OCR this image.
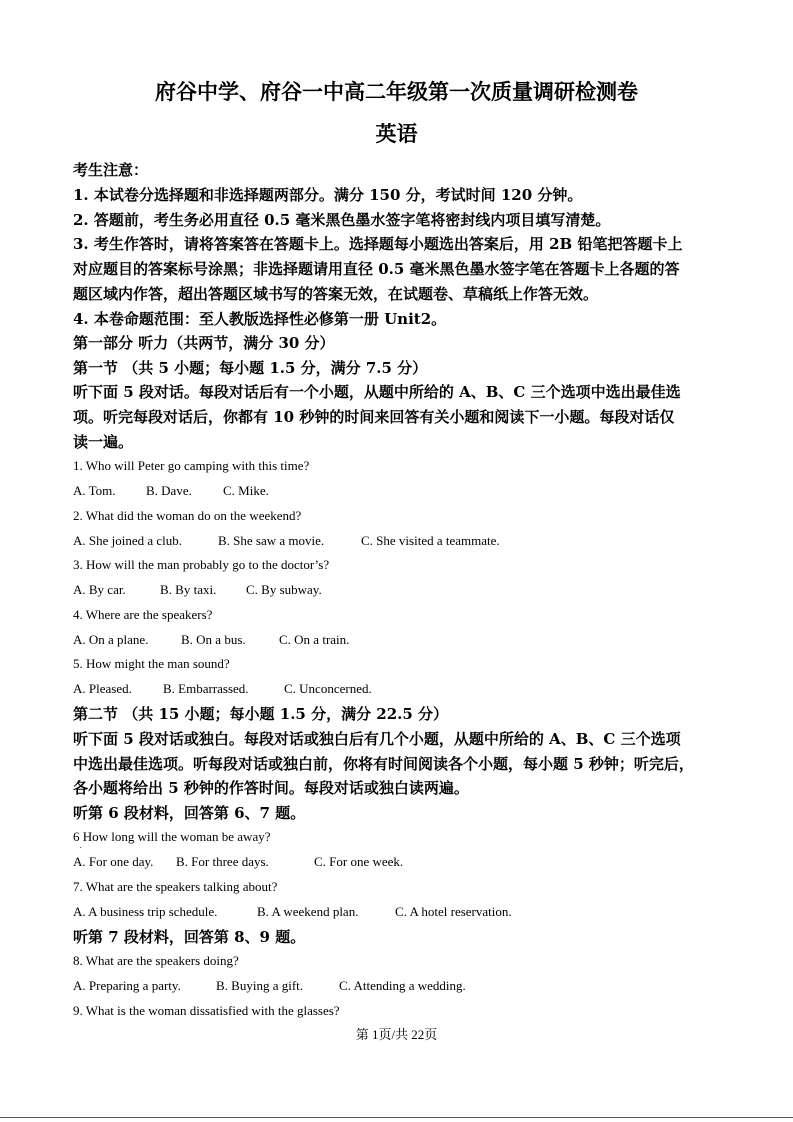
府谷中学、府谷一中高二年级第一次质量调研检测卷
英语
考生注意：
1. 本试卷分选择题和非选择题两部分。满分 150 分，考试时间 120 分钟。
2. 答题前，考生务必用直径 0.5 毫米黑色墨水签字笔将密封线内项目填写清楚。
3. 考生作答时，请将答案答在答题卡上。选择题每小题选出答案后，用 2B 铅笔把答题卡上
对应题目的答案标号涂黑；非选择题请用直径 0.5 毫米黑色墨水签字笔在答题卡上各题的答
题区域内作答，超出答题区域书写的答案无效，在试题卷、草稿纸上作答无效。
4. 本卷命题范围：至人教版选择性必修第一册 Unit2。
第一部分 听力（共两节，满分 30 分）
第一节 （共 5 小题；每小题 1.5 分，满分 7.5 分）
听下面 5 段对话。每段对话后有一个小题，从题中所给的 A、B、C 三个选项中选出最佳选
项。听完每段对话后，你都有 10 秒钟的时间来回答有关小题和阅读下一小题。每段对话仅
读一遍。
1. Who will Peter go camping with this time?
A. Tom. B. Dave. C. Mike.
2. What did the woman do on the weekend?
A. She joined a club.	B. She saw a movie.	C. She visited a teammate.
3. How will the man probably go to the doctor’s?
A. By car.	B. By taxi. C. By subway.
4. Where are the speakers?
A. On a plane.	B. On a bus.	C. On a train.
5. How might the man sound?
A. Pleased. B. Embarrassed.	C. Unconcerned.
第二节 （共 15 小题；每小题 1.5 分，满分 22.5 分）
听下面 5 段对话或独白。每段对话或独白后有几个小题，从题中所给的 A、B、C 三个选项
中选出最佳选项。听每段对话或独白前，你将有时间阅读各个小题，每小题 5 秒钟；听完后，
各小题将给出 5 秒钟的作答时间。每段对话或独白读两遍。
听第 6 段材料，回答第 6、7 题。
6 How long will the woman be away?
·
A. For one day. B. For three days.	C. For one week.
7. What are the speakers talking about?
A. A business trip schedule.	B. A weekend plan.	C. A hotel reservation.
听第 7 段材料，回答第 8、9 题。
8. What are the speakers doing?
A. Preparing a party.	B. Buying a gift.	C. Attending a wedding.
9. What is the woman dissatisfied with the glasses?
第 1页/共 22页
